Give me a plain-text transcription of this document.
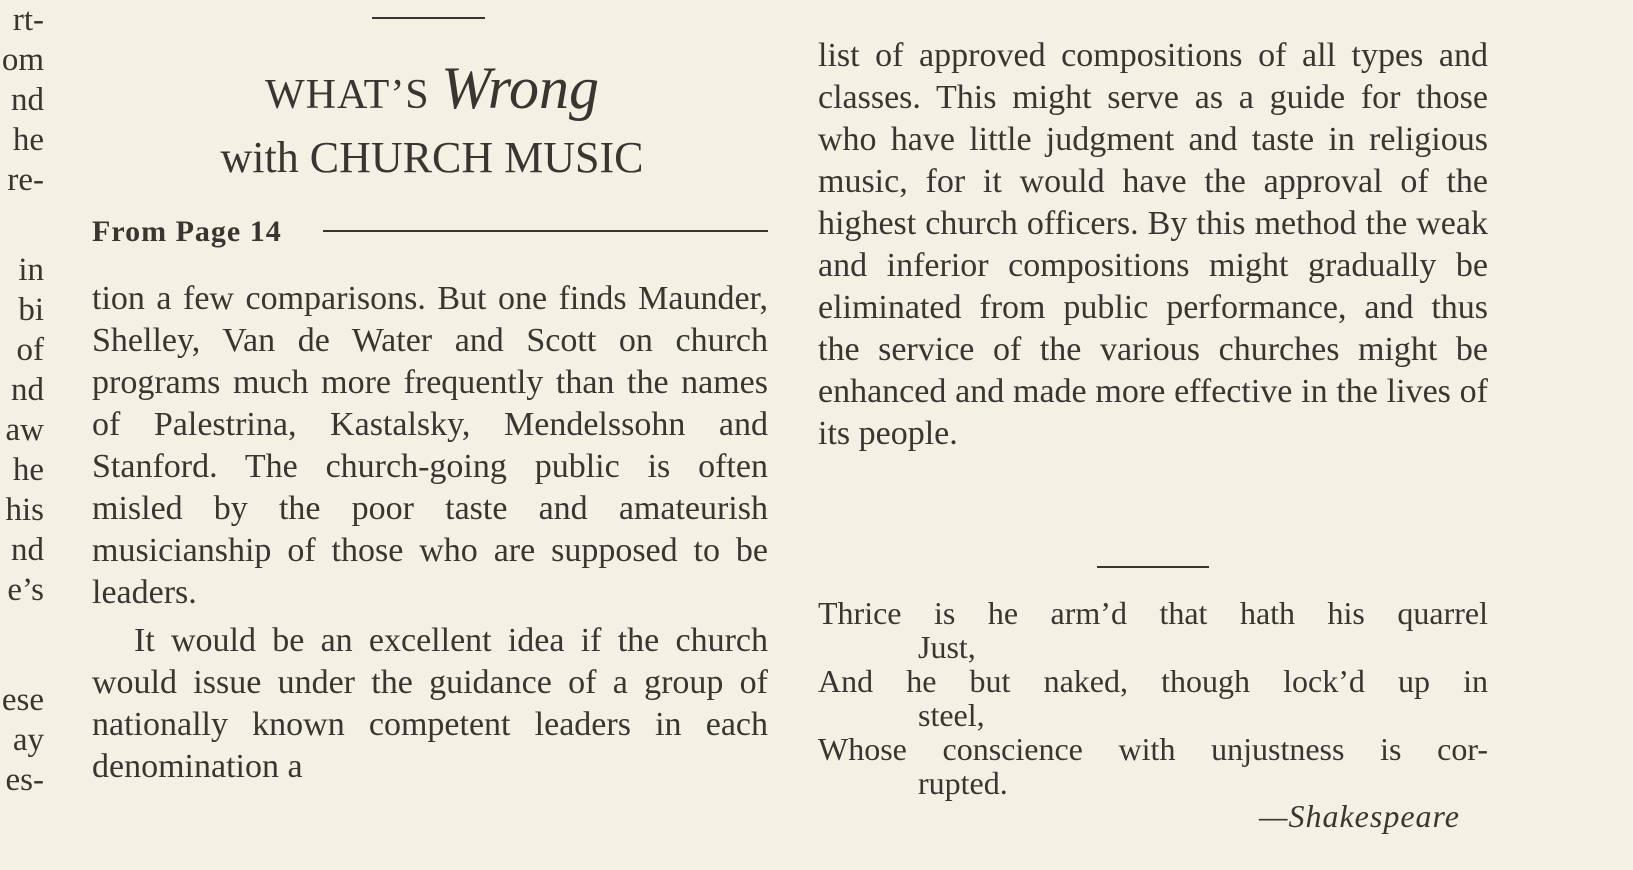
rt-
om
nd
he
re-
in
bi
of
nd
aw
he
his
nd
e’s
ese
ay
es-
WHAT’S Wrong
with CHURCH MUSIC
From Page 14

tion a few comparisons. But one finds Maunder, Shelley, Van de Water and Scott on church programs much more frequently than the names of Palestrina, Kastalsky, Mendelssohn and Stanford. The church-going public is often misled by the poor taste and amateurish musicianship of those who are supposed to be leaders.

It would be an excellent idea if the church would issue under the guidance of a group of nationally known competent leaders in each denomination a

list of approved compositions of all types and classes. This might serve as a guide for those who have little judgment and taste in religious music, for it would have the approval of the highest church officers. By this method the weak and inferior compositions might gradually be eliminated from public performance, and thus the service of the various churches might be enhanced and made more effective in the lives of its people.

Thrice is he arm’d that hath his quarrel
Just,
And he but naked, though lock’d up in
steel,
Whose conscience with unjustness is cor-
rupted.
—Shakespeare
